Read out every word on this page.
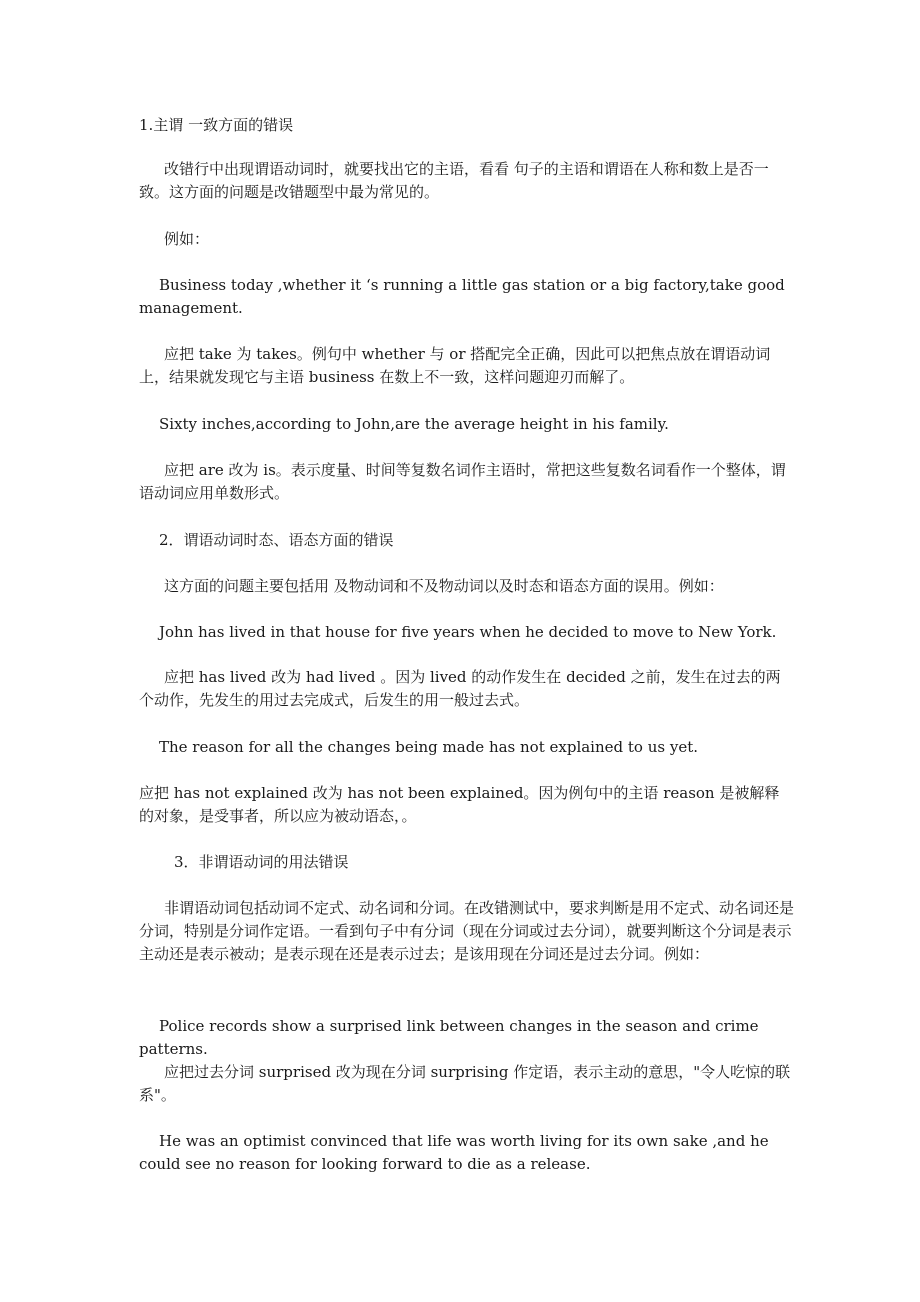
1.主谓 一致方面的错误

改错行中出现谓语动词时，就要找出它的主语，看看 句子的主语和谓语在人称和数上是否一致。这方面的问题是改错题型中最为常见的。

例如：

Business today ,whether it ‘s running a little gas station or a big factory,take good management.

应把 take 为 takes。例句中 whether 与 or 搭配完全正确，因此可以把焦点放在谓语动词上，结果就发现它与主语 business 在数上不一致，这样问题迎刃而解了。

Sixty inches,according to John,are the average height in his family.

应把 are 改为 is。表示度量、时间等复数名词作主语时，常把这些复数名词看作一个整体，谓语动词应用单数形式。

2．谓语动词时态、语态方面的错误

这方面的问题主要包括用 及物动词和不及物动词以及时态和语态方面的误用。例如：

John has lived in that house for five years when he decided to move to New York.

应把 has lived 改为 had lived 。因为 lived 的动作发生在 decided 之前，发生在过去的两个动作，先发生的用过去完成式，后发生的用一般过去式。

The reason for all the changes being made has not explained to us yet.

应把 has not explained 改为 has not been explained。因为例句中的主语 reason 是被解释的对象，是受事者，所以应为被动语态，。

3．非谓语动词的用法错误

非谓语动词包括动词不定式、动名词和分词。在改错测试中，要求判断是用不定式、动名词还是分词，特别是分词作定语。一看到句子中有分词（现在分词或过去分词），就要判断这个分词是表示主动还是表示被动；是表示现在还是表示过去；是该用现在分词还是过去分词。例如：

Police records show a surprised link between changes in the season and crime patterns.

应把过去分词 surprised 改为现在分词 surprising 作定语，表示主动的意思，"令人吃惊的联系"。

He was an optimist convinced that life was worth living for its own sake ,and he could see no reason for looking forward to die as a release.
